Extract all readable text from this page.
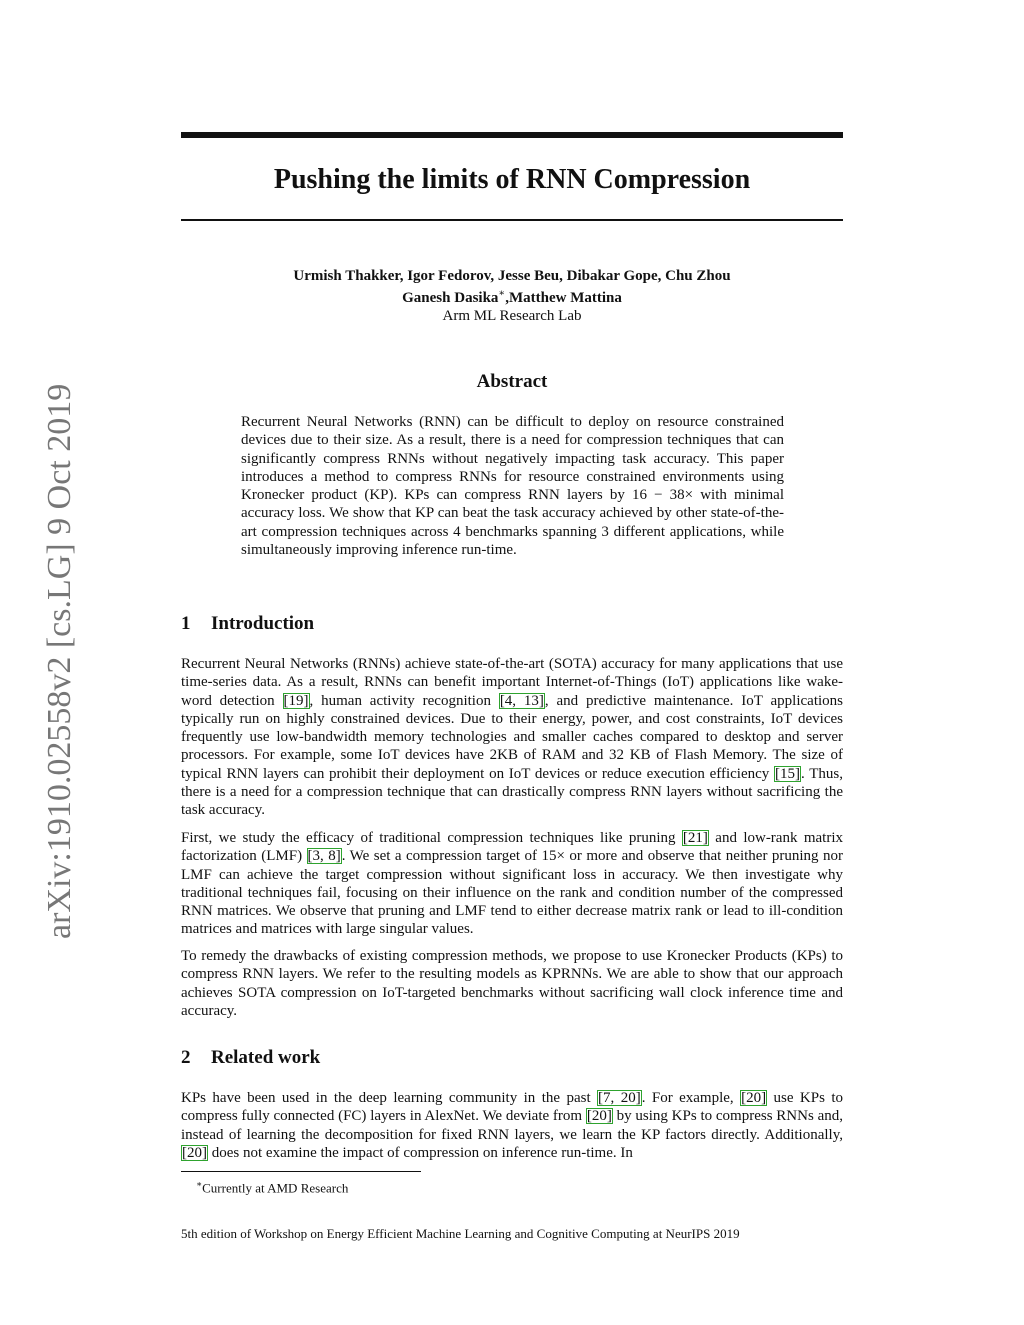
arXiv:1910.02558v2 [cs.LG] 9 Oct 2019
Pushing the limits of RNN Compression
Urmish Thakker, Igor Fedorov, Jesse Beu, Dibakar Gope, Chu Zhou
Ganesh Dasika∗,Matthew Mattina
Arm ML Research Lab
Abstract
Recurrent Neural Networks (RNN) can be difficult to deploy on resource constrained devices due to their size. As a result, there is a need for compression techniques that can significantly compress RNNs without negatively impacting task accuracy. This paper introduces a method to compress RNNs for resource constrained environments using Kronecker product (KP). KPs can compress RNN layers by 16 − 38× with minimal accuracy loss. We show that KP can beat the task accuracy achieved by other state-of-the-art compression techniques across 4 benchmarks spanning 3 different applications, while simultaneously improving inference run-time.
1 Introduction
Recurrent Neural Networks (RNNs) achieve state-of-the-art (SOTA) accuracy for many applications that use time-series data. As a result, RNNs can benefit important Internet-of-Things (IoT) applications like wake-word detection [19], human activity recognition [4, 13], and predictive maintenance. IoT applications typically run on highly constrained devices. Due to their energy, power, and cost constraints, IoT devices frequently use low-bandwidth memory technologies and smaller caches compared to desktop and server processors. For example, some IoT devices have 2KB of RAM and 32 KB of Flash Memory. The size of typical RNN layers can prohibit their deployment on IoT devices or reduce execution efficiency [15]. Thus, there is a need for a compression technique that can drastically compress RNN layers without sacrificing the task accuracy.
First, we study the efficacy of traditional compression techniques like pruning [21] and low-rank matrix factorization (LMF) [3, 8]. We set a compression target of 15× or more and observe that neither pruning nor LMF can achieve the target compression without significant loss in accuracy. We then investigate why traditional techniques fail, focusing on their influence on the rank and condition number of the compressed RNN matrices. We observe that pruning and LMF tend to either decrease matrix rank or lead to ill-condition matrices and matrices with large singular values.
To remedy the drawbacks of existing compression methods, we propose to use Kronecker Products (KPs) to compress RNN layers. We refer to the resulting models as KPRNNs. We are able to show that our approach achieves SOTA compression on IoT-targeted benchmarks without sacrificing wall clock inference time and accuracy.
2 Related work
KPs have been used in the deep learning community in the past [7, 20]. For example, [20] use KPs to compress fully connected (FC) layers in AlexNet. We deviate from [20] by using KPs to compress RNNs and, instead of learning the decomposition for fixed RNN layers, we learn the KP factors directly. Additionally, [20] does not examine the impact of compression on inference run-time. In
∗Currently at AMD Research
5th edition of Workshop on Energy Efficient Machine Learning and Cognitive Computing at NeurIPS 2019
